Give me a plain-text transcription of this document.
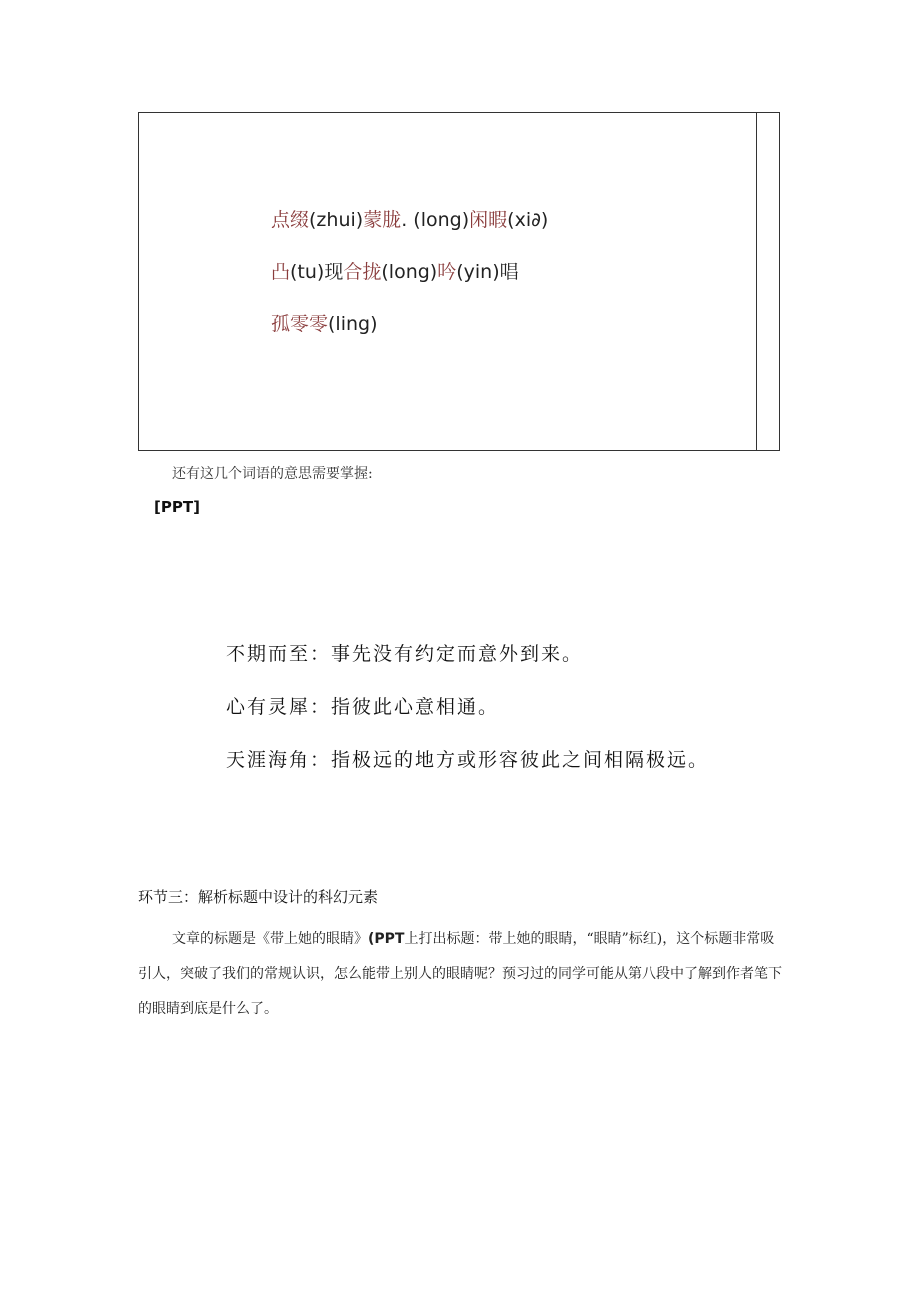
点缀(zhui)蒙胧. (long)闲暇(xi∂)
凸(tu)现合拢(long)吟(yin)唱
孤零零(ling)
还有这几个词语的意思需要掌握:
[PPT]
不期而至：事先没有约定而意外到来。
心有灵犀：指彼此心意相通。
天涯海角：指极远的地方或形容彼此之间相隔极远。
环节三：解析标题中设计的科幻元素
文章的标题是《带上她的眼睛》(PPT上打出标题：带上她的眼睛，“眼睛”标红)，这个标题非常吸引人，突破了我们的常规认识，怎么能带上别人的眼睛呢？预习过的同学可能从第八段中了解到作者笔下的眼睛到底是什么了。
